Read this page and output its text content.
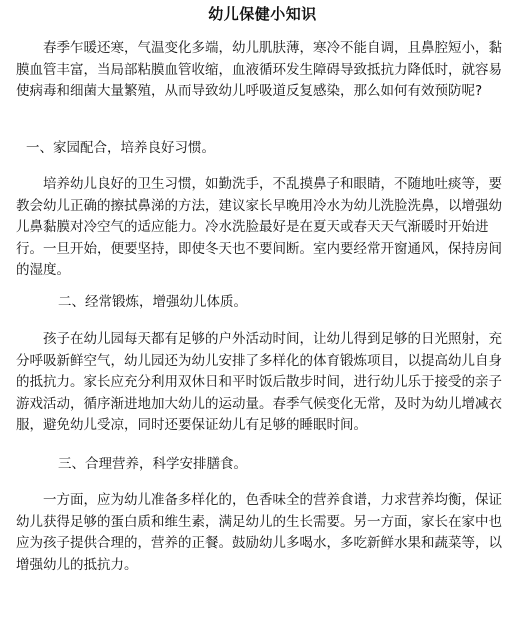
幼儿保健小知识

春季乍暖还寒，气温变化多端，幼儿肌肤薄，寒冷不能自调，且鼻腔短小，黏膜血管丰富，当局部粘膜血管收缩，血液循环发生障碍导致抵抗力降低时，就容易使病毒和细菌大量繁殖，从而导致幼儿呼吸道反复感染，那么如何有效预防呢?

一、家园配合，培养良好习惯。

培养幼儿良好的卫生习惯，如勤洗手，不乱摸鼻子和眼睛，不随地吐痰等，要教会幼儿正确的擦拭鼻涕的方法，建议家长早晚用冷水为幼儿洗脸洗鼻，以增强幼儿鼻黏膜对冷空气的适应能力。冷水洗脸最好是在夏天或春天天气渐暖时开始进行。一旦开始，便要坚持，即使冬天也不要间断。室内要经常开窗通风，保持房间的湿度。

二、经常锻炼，增强幼儿体质。

孩子在幼儿园每天都有足够的户外活动时间，让幼儿得到足够的日光照射，充分呼吸新鲜空气，幼儿园还为幼儿安排了多样化的体育锻炼项目，以提高幼儿自身的抵抗力。家长应充分利用双休日和平时饭后散步时间，进行幼儿乐于接受的亲子游戏活动，循序渐进地加大幼儿的运动量。春季气候变化无常，及时为幼儿增减衣服，避免幼儿受凉，同时还要保证幼儿有足够的睡眠时间。

三、合理营养，科学安排膳食。

一方面，应为幼儿准备多样化的，色香味全的营养食谱，力求营养均衡，保证幼儿获得足够的蛋白质和维生素，满足幼儿的生长需要。另一方面，家长在家中也应为孩子提供合理的，营养的正餐。鼓励幼儿多喝水，多吃新鲜水果和蔬菜等，以增强幼儿的抵抗力。
